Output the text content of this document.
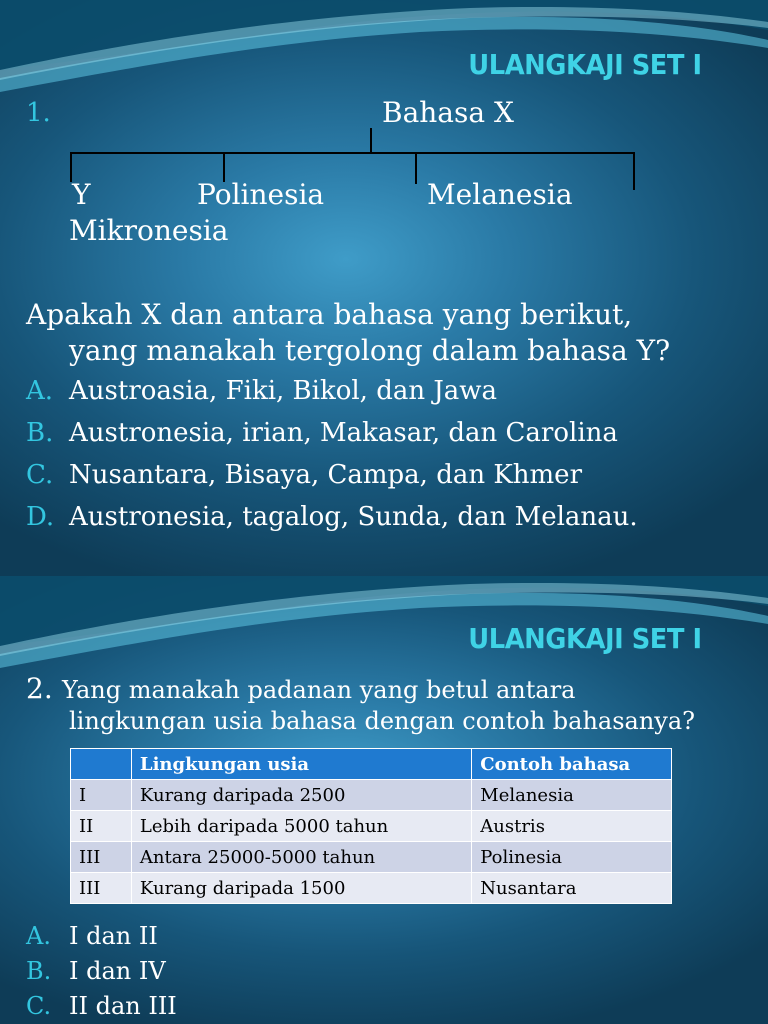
ULANGKAJI SET I
1.	Bahasa X
Y	Polinesia	Melanesia
Mikronesia
Apakah X dan antara bahasa yang berikut,
yang manakah tergolong dalam bahasa Y?
A. Austroasia, Fiki, Bikol, dan Jawa
B. Austronesia, irian, Makasar, dan Carolina
C. Nusantara, Bisaya, Campa, dan Khmer
D. Austronesia, tagalog, Sunda, dan Melanau.
ULANGKAJI SET I
2. Yang manakah padanan yang betul antara
lingkungan usia bahasa dengan contoh bahasanya?
	Lingkungan usia	Contoh bahasa
I	Kurang daripada 2500	Melanesia
II	Lebih daripada 5000 tahun	Austris
III	Antara 25000-5000 tahun	Polinesia
III	Kurang daripada 1500	Nusantara
A. I dan II
B. I dan IV
C. II dan III
